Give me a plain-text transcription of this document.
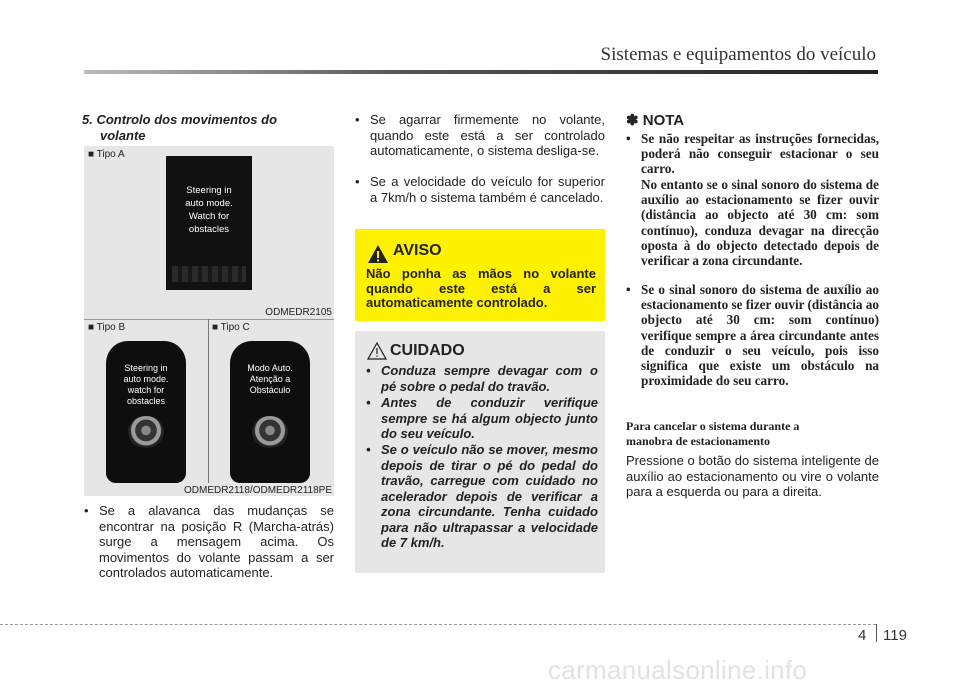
Sistemas e equipamentos do veículo
5. Controlo dos movimentos do
volante
■ Tipo A
Steering in
auto mode.
Watch for
obstacles
ODMEDR2105
■ Tipo B	■ Tipo C
Steering in
auto mode.
watch for
obstacles
Modo Auto.
Atenção a
Obstáculo
ODMEDR2118/ODMEDR2118PE
• Se a alavanca das mudanças se encontrar na posição R (Marcha-atrás) surge a mensagem acima. Os movimentos do volante passam a ser controlados automaticamente.
• Se agarrar firmemente no volante, quando este está a ser controlado automaticamente, o sistema desliga-se.
• Se a velocidade do veículo for superior a 7km/h o sistema também é cancelado.
AVISO
Não ponha as mãos no volante quando este está a ser automaticamente controlado.
CUIDADO
• Conduza sempre devagar com o pé sobre o pedal do travão.
• Antes de conduzir verifique sempre se há algum objecto junto do seu veículo.
• Se o veículo não se mover, mesmo depois de tirar o pé do pedal do travão, carregue com cuidado no acelerador depois de verificar a zona circundante. Tenha cuidado para não ultrapassar a velocidade de 7 km/h.
✽ NOTA
• Se não respeitar as instruções fornecidas, poderá não conseguir estacionar o seu carro.
No entanto se o sinal sonoro do sistema de auxílio ao estacionamento se fizer ouvir (distância ao objecto até 30 cm: som contínuo), conduza devagar na direcção oposta à do objecto detectado depois de verificar a zona circundante.
• Se o sinal sonoro do sistema de auxílio ao estacionamento se fizer ouvir (distância ao objecto até 30 cm: som contínuo) verifique sempre a área circundante antes de conduzir o seu veículo, pois isso significa que existe um obstáculo na proximidade do seu carro.
Para cancelar o sistema durante a
manobra de estacionamento
Pressione o botão do sistema inteligente de auxílio ao estacionamento ou vire o volante para a esquerda ou para a direita.
4 119
carmanualsonline.info
